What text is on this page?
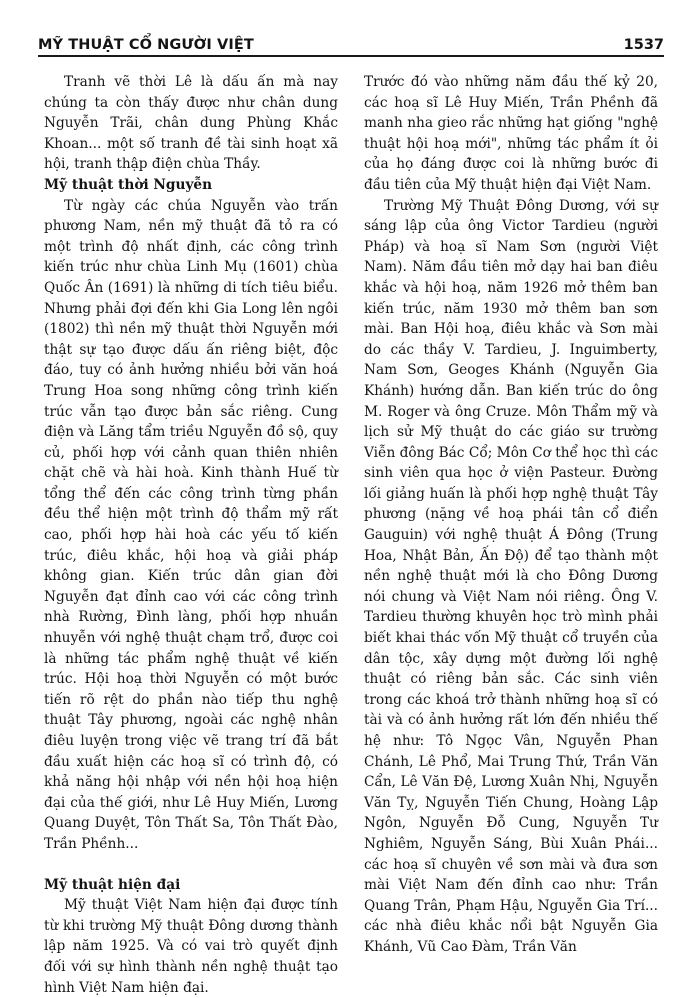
MỸ THUẬT CỔ NGƯỜI VIỆT	1537

Tranh vẽ thời Lê là dấu ấn mà nay chúng ta còn thấy được như chân dung Nguyễn Trãi, chân dung Phùng Khắc Khoan... một số tranh đề tài sinh hoạt xã hội, tranh thập điện chùa Thầy.

Mỹ thuật thời Nguyễn

Từ ngày các chúa Nguyễn vào trấn phương Nam, nền mỹ thuật đã tỏ ra có một trình độ nhất định, các công trình kiến trúc như chùa Linh Mụ (1601) chùa Quốc Ân (1691) là những di tích tiêu biểu. Nhưng phải đợi đến khi Gia Long lên ngôi (1802) thì nền mỹ thuật thời Nguyễn mới thật sự tạo được dấu ấn riêng biệt, độc đáo, tuy có ảnh hưởng nhiều bởi văn hoá Trung Hoa song những công trình kiến trúc vẫn tạo được bản sắc riêng. Cung điện và Lăng tẩm triều Nguyễn đồ sộ, quy củ, phối hợp với cảnh quan thiên nhiên chặt chẽ và hài hoà. Kinh thành Huế từ tổng thể đến các công trình từng phần đều thể hiện một trình độ thẩm mỹ rất cao, phối hợp hài hoà các yếu tố kiến trúc, điêu khắc, hội hoạ và giải pháp không gian. Kiến trúc dân gian đời Nguyễn đạt đỉnh cao với các công trình nhà Rường, Đình làng, phối hợp nhuần nhuyễn với nghệ thuật chạm trổ, được coi là những tác phẩm nghệ thuật về kiến trúc. Hội hoạ thời Nguyễn có một bước tiến rõ rệt do phần nào tiếp thu nghệ thuật Tây phương, ngoài các nghệ nhân điêu luyện trong việc vẽ trang trí đã bắt đầu xuất hiện các hoạ sĩ có trình độ, có khả năng hội nhập với nền hội hoạ hiện đại của thế giới, như Lê Huy Miến, Lương Quang Duyệt, Tôn Thất Sa, Tôn Thất Đào, Trần Phềnh...

Mỹ thuật hiện đại

Mỹ thuật Việt Nam hiện đại được tính từ khi trường Mỹ thuật Đông dương thành lập năm 1925. Và có vai trò quyết định đối với sự hình thành nền nghệ thuật tạo hình Việt Nam hiện đại.

Trước đó vào những năm đầu thế kỷ 20, các hoạ sĩ Lê Huy Miến, Trần Phềnh đã manh nha gieo rắc những hạt giống "nghệ thuật hội hoạ mới", những tác phẩm ít ỏi của họ đáng được coi là những bước đi đầu tiên của Mỹ thuật hiện đại Việt Nam.

Trường Mỹ Thuật Đông Dương, với sự sáng lập của ông Victor Tardieu (người Pháp) và hoạ sĩ Nam Sơn (người Việt Nam). Năm đầu tiên mở dạy hai ban điêu khắc và hội hoạ, năm 1926 mở thêm ban kiến trúc, năm 1930 mở thêm ban sơn mài. Ban Hội hoạ, điêu khắc và Sơn mài do các thầy V. Tardieu, J. Inguimberty, Nam Sơn, Geoges Khánh (Nguyễn Gia Khánh) hướng dẫn. Ban kiến trúc do ông M. Roger và ông Cruze. Môn Thẩm mỹ và lịch sử Mỹ thuật do các giáo sư trường Viễn đông Bác Cổ; Môn Cơ thể học thì các sinh viên qua học ở viện Pasteur. Đường lối giảng huấn là phối hợp nghệ thuật Tây phương (nặng về hoạ phái tân cổ điển Gauguin) với nghệ thuật Á Đông (Trung Hoa, Nhật Bản, Ấn Độ) để tạo thành một nền nghệ thuật mới là cho Đông Dương nói chung và Việt Nam nói riêng. Ông V. Tardieu thường khuyên học trò mình phải biết khai thác vốn Mỹ thuật cổ truyền của dân tộc, xây dựng một đường lối nghệ thuật có riêng bản sắc. Các sinh viên trong các khoá trở thành những hoạ sĩ có tài và có ảnh hưởng rất lớn đến nhiều thế hệ như: Tô Ngọc Vân, Nguyễn Phan Chánh, Lê Phổ, Mai Trung Thứ, Trần Văn Cẩn, Lê Văn Đệ, Lương Xuân Nhị, Nguyễn Văn Tỵ, Nguyễn Tiến Chung, Hoàng Lập Ngôn, Nguyễn Đỗ Cung, Nguyễn Tư Nghiêm, Nguyễn Sáng, Bùi Xuân Phái... các hoạ sĩ chuyên về sơn mài và đưa sơn mài Việt Nam đến đỉnh cao như: Trần Quang Trân, Phạm Hậu, Nguyễn Gia Trí... các nhà điêu khắc nổi bật Nguyễn Gia Khánh, Vũ Cao Đàm, Trần Văn
